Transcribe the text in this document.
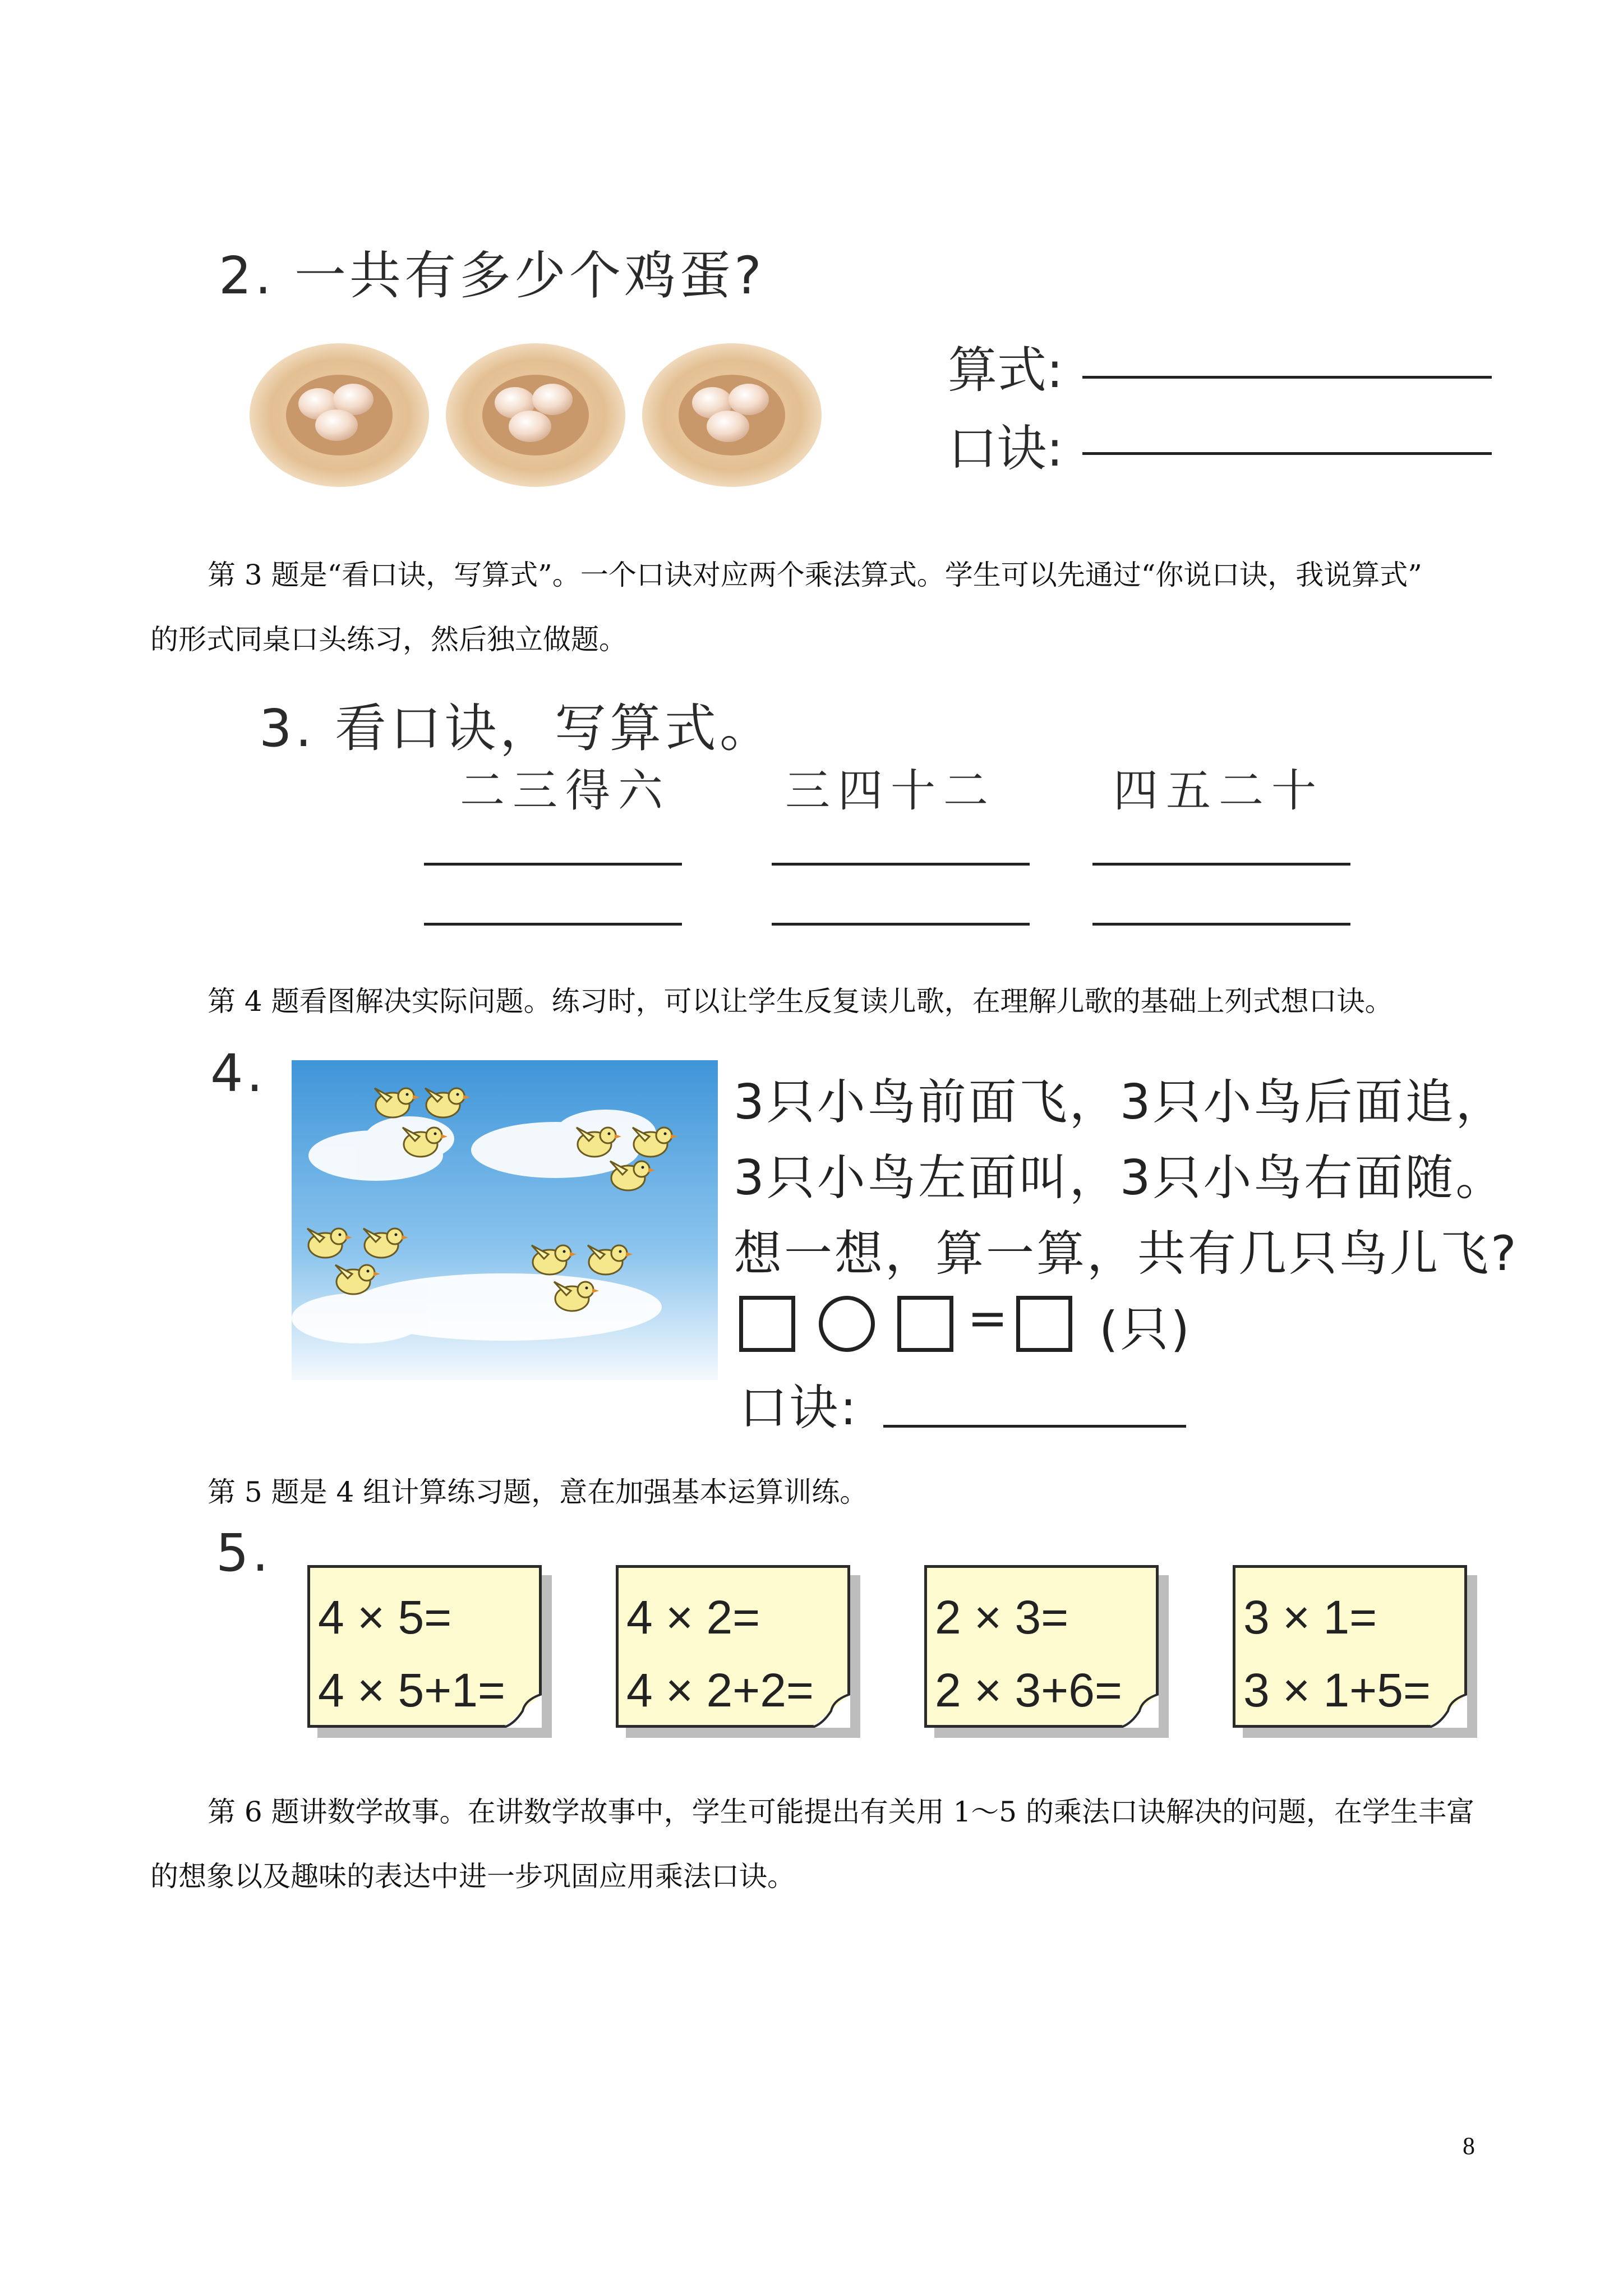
2. 一共有多少个鸡蛋?
算式:
口诀:
第 3 题是“看口诀，写算式”。一个口诀对应两个乘法算式。学生可以先通过“你说口诀，我说算式”
的形式同桌口头练习，然后独立做题。
3. 看口诀，写算式。
二三得六	三四十二	四五二十
第 4 题看图解决实际问题。练习时，可以让学生反复读儿歌，在理解儿歌的基础上列式想口诀。
4.	3只小鸟前面飞，3只小鸟后面追，
3只小鸟左面叫，3只小鸟右面随。
想一想，算一算，共有几只鸟儿飞?
= (只)
口诀:
第 5 题是 4 组计算练习题，意在加强基本运算训练。
5.
4 × 5=
4 × 5+1=
4 × 2=
4 × 2+2=
2 × 3=
2 × 3+6=
3 × 1=
3 × 1+5=
第 6 题讲数学故事。在讲数学故事中，学生可能提出有关用 1～5 的乘法口诀解决的问题，在学生丰富
的想象以及趣味的表达中进一步巩固应用乘法口诀。
8
